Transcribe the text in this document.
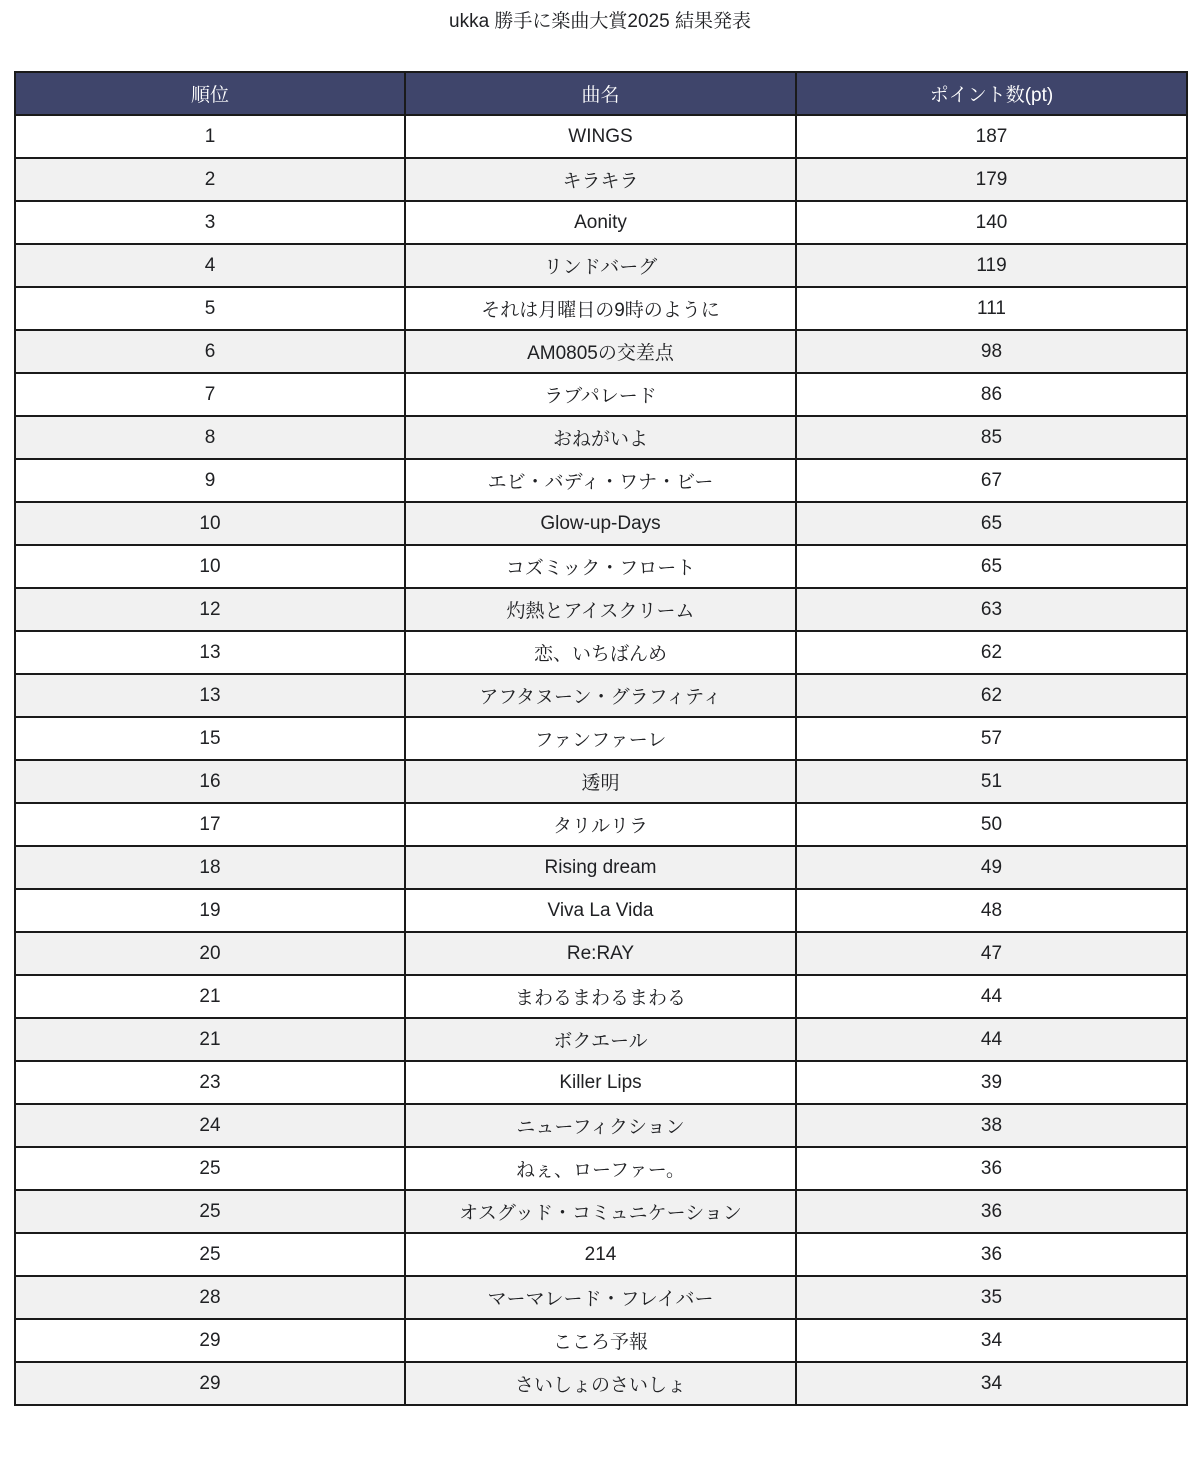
ukka 勝手に楽曲大賞2025 結果発表
順位	曲名	ポイント数(pt)
1	WINGS	187
2	キラキラ	179
3	Aonity	140
4	リンドバーグ	119
5	それは月曜日の9時のように	111
6	AM0805の交差点	98
7	ラブパレード	86
8	おねがいよ	85
9	エビ・バディ・ワナ・ビー	67
10	Glow-up-Days	65
10	コズミック・フロート	65
12	灼熱とアイスクリーム	63
13	恋、いちばんめ	62
13	アフタヌーン・グラフィティ	62
15	ファンファーレ	57
16	透明	51
17	タリルリラ	50
18	Rising dream	49
19	Viva La Vida	48
20	Re:RAY	47
21	まわるまわるまわる	44
21	ボクエール	44
23	Killer Lips	39
24	ニューフィクション	38
25	ねぇ、ローファー。	36
25	オスグッド・コミュニケーション	36
25	214	36
28	マーマレード・フレイバー	35
29	こころ予報	34
29	さいしょのさいしょ	34
